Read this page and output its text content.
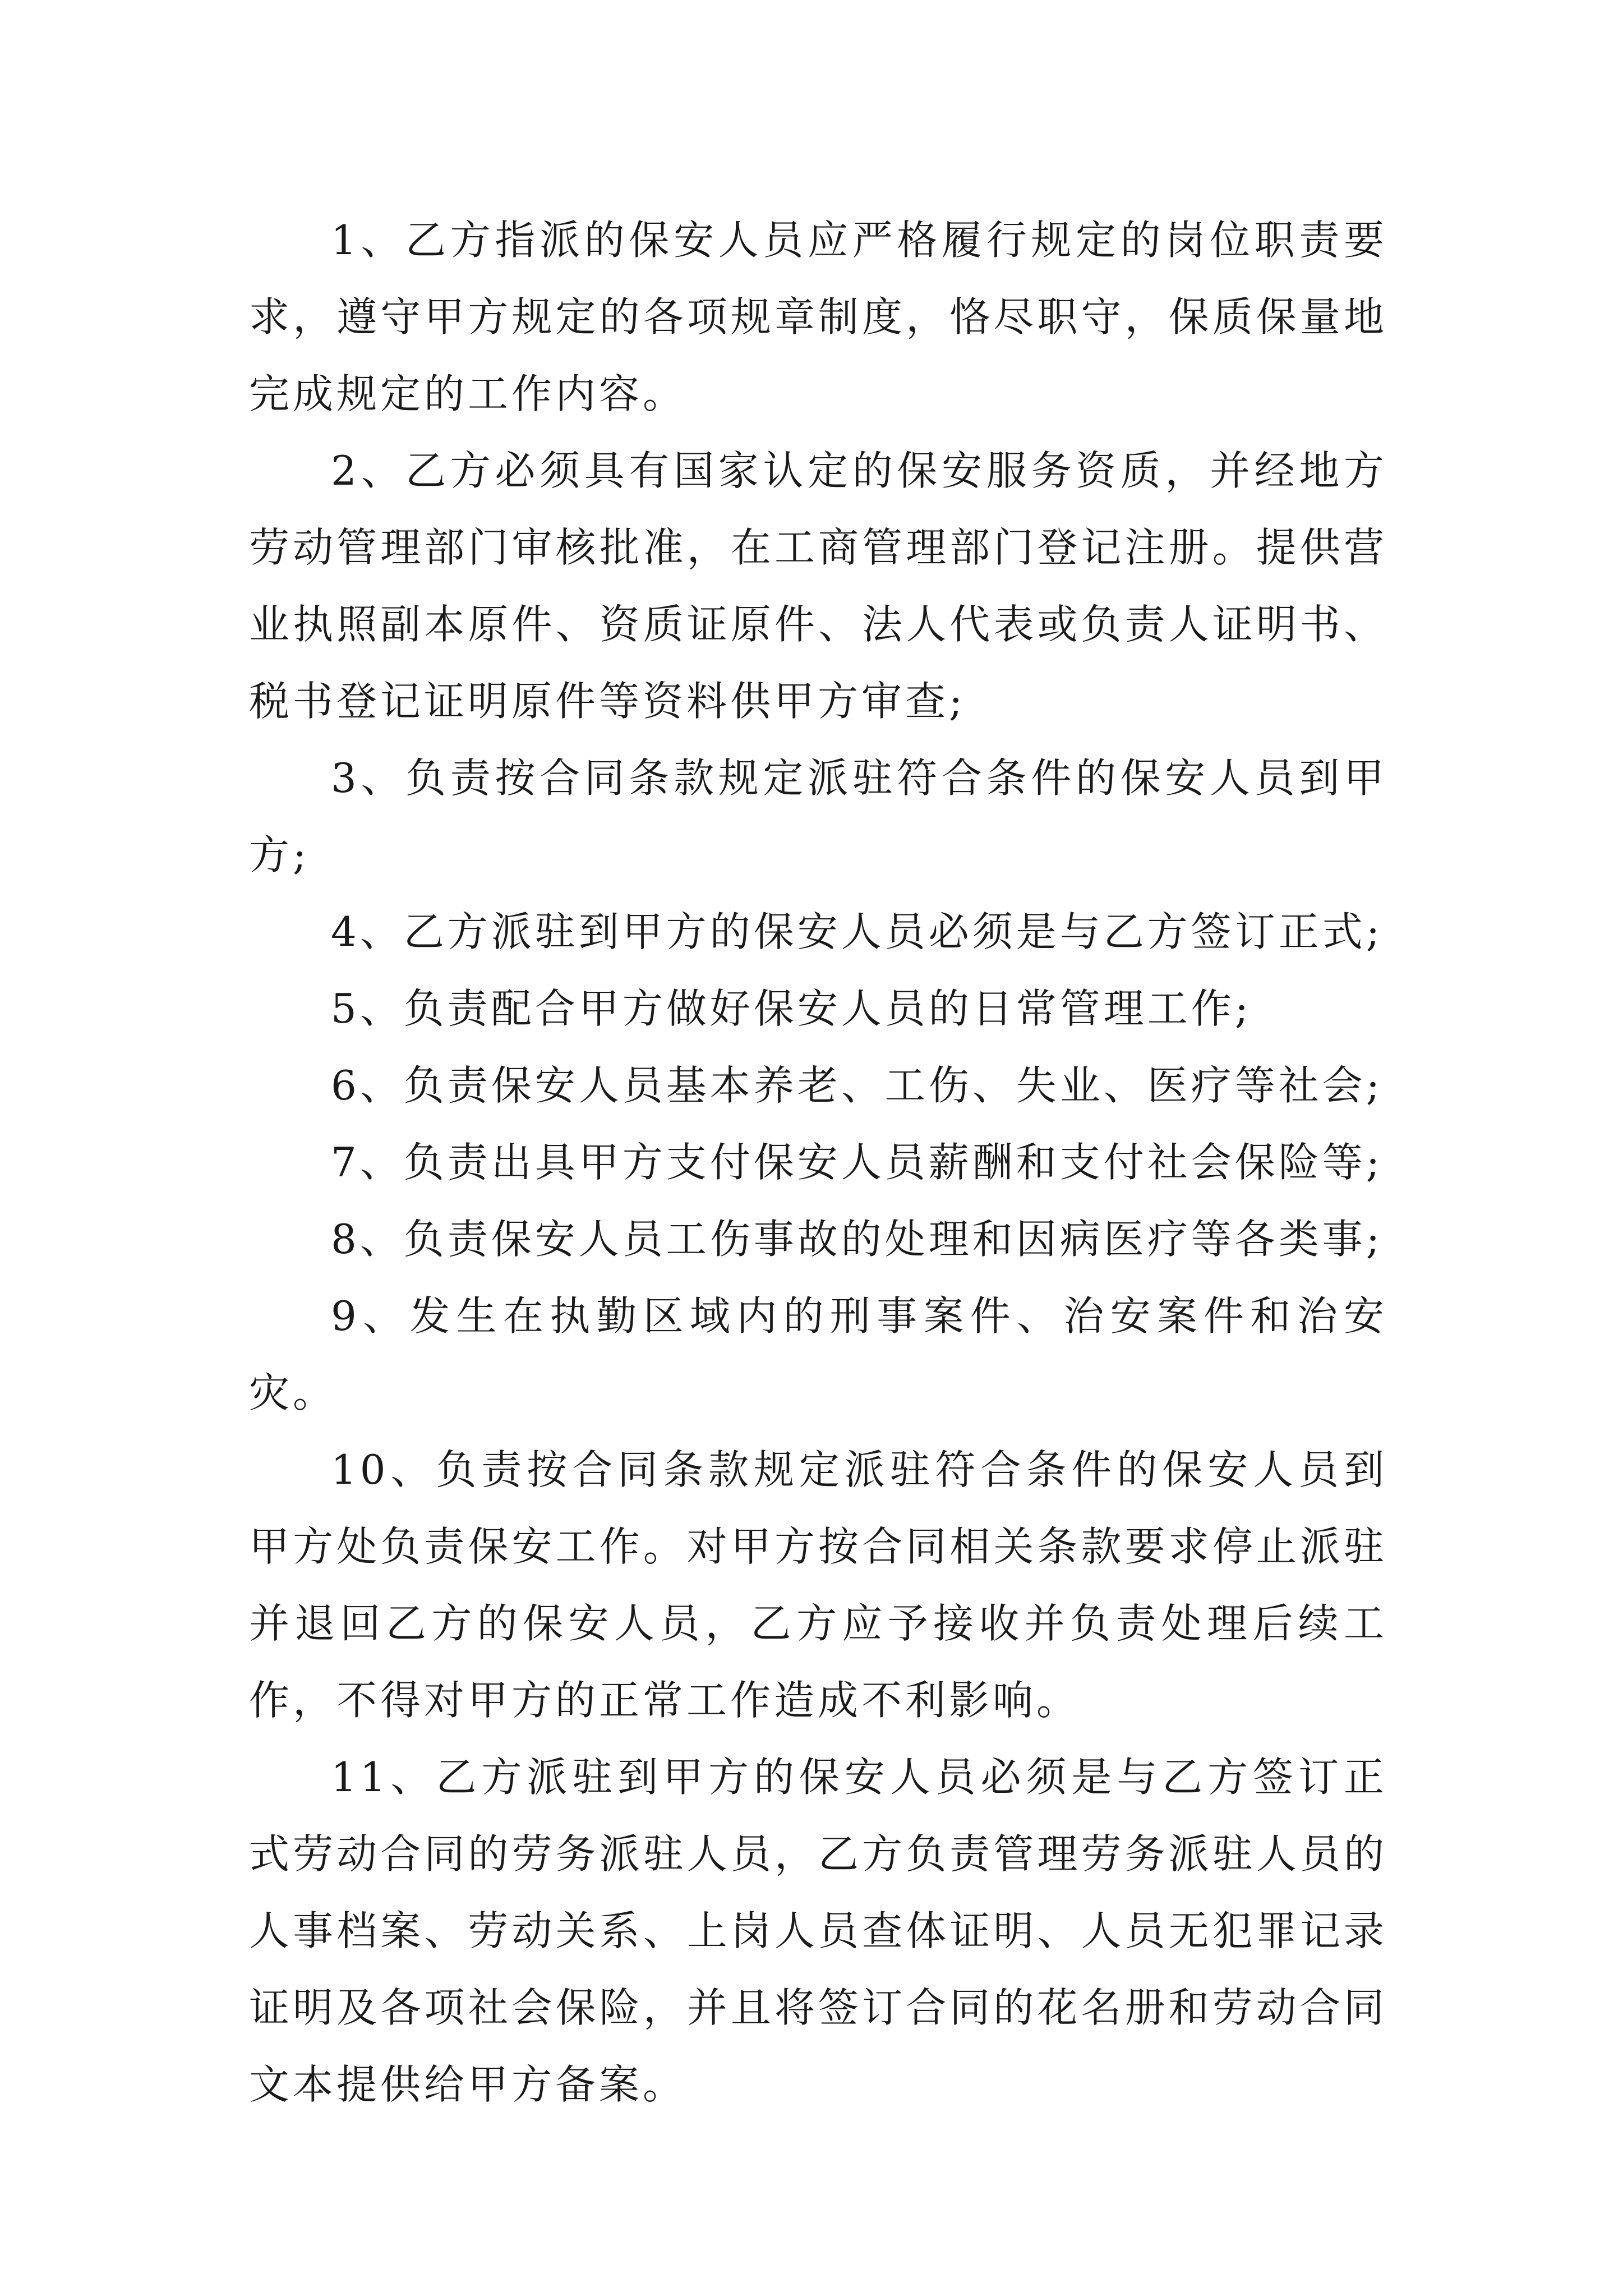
1、乙方指派的保安人员应严格履行规定的岗位职责要求，遵守甲方规定的各项规章制度，恪尽职守，保质保量地完成规定的工作内容。

2、乙方必须具有国家认定的保安服务资质，并经地方劳动管理部门审核批准，在工商管理部门登记注册。提供营业执照副本原件、资质证原件、法人代表或负责人证明书、税书登记证明原件等资料供甲方审查;

3、负责按合同条款规定派驻符合条件的保安人员到甲方;

4、乙方派驻到甲方的保安人员必须是与乙方签订正式;

5、负责配合甲方做好保安人员的日常管理工作;

6、负责保安人员基本养老、工伤、失业、医疗等社会;

7、负责出具甲方支付保安人员薪酬和支付社会保险等;

8、负责保安人员工伤事故的处理和因病医疗等各类事;

9、发生在执勤区域内的刑事案件、治安案件和治安灾。

10、负责按合同条款规定派驻符合条件的保安人员到甲方处负责保安工作。对甲方按合同相关条款要求停止派驻并退回乙方的保安人员，乙方应予接收并负责处理后续工作，不得对甲方的正常工作造成不利影响。

11、乙方派驻到甲方的保安人员必须是与乙方签订正式劳动合同的劳务派驻人员，乙方负责管理劳务派驻人员的人事档案、劳动关系、上岗人员查体证明、人员无犯罪记录证明及各项社会保险，并且将签订合同的花名册和劳动合同文本提供给甲方备案。
